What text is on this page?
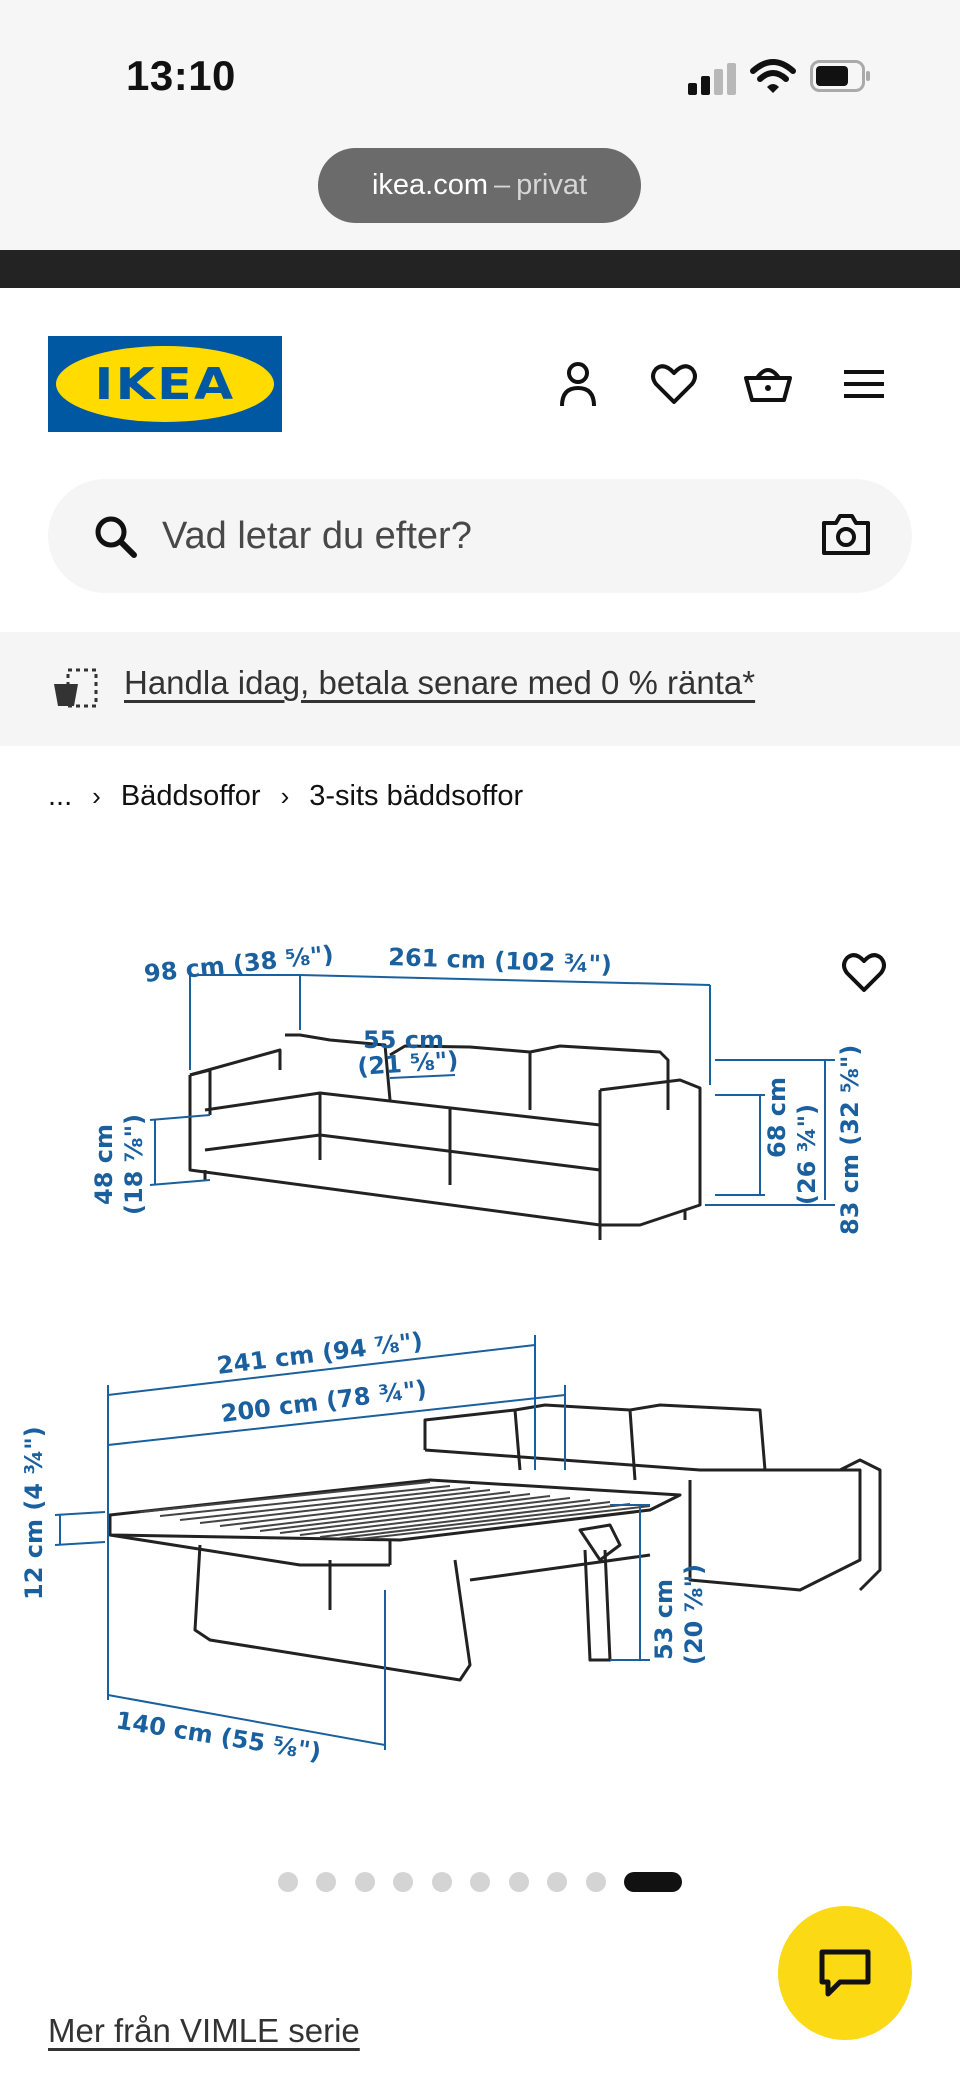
13:10
ikea.com – privat
IKEA	®
Vad letar du efter?
Handla idag, betala senare med 0 % ränta*
... › Bäddsoffor › 3-sits bäddsoffor
98 cm (38 ⅝") 261 cm (102 ¾")
55 cm
(21 ⅝")
48 cm (18 ⅞")	68 cm (26 ¾") 83 cm (32 ⅝")
241 cm (94 ⅞")
200 cm (78 ¾")
12 cm (4 ¾")
53 cm (20 ⅞")
140 cm (55 ⅝")
Mer från VIMLE serie
